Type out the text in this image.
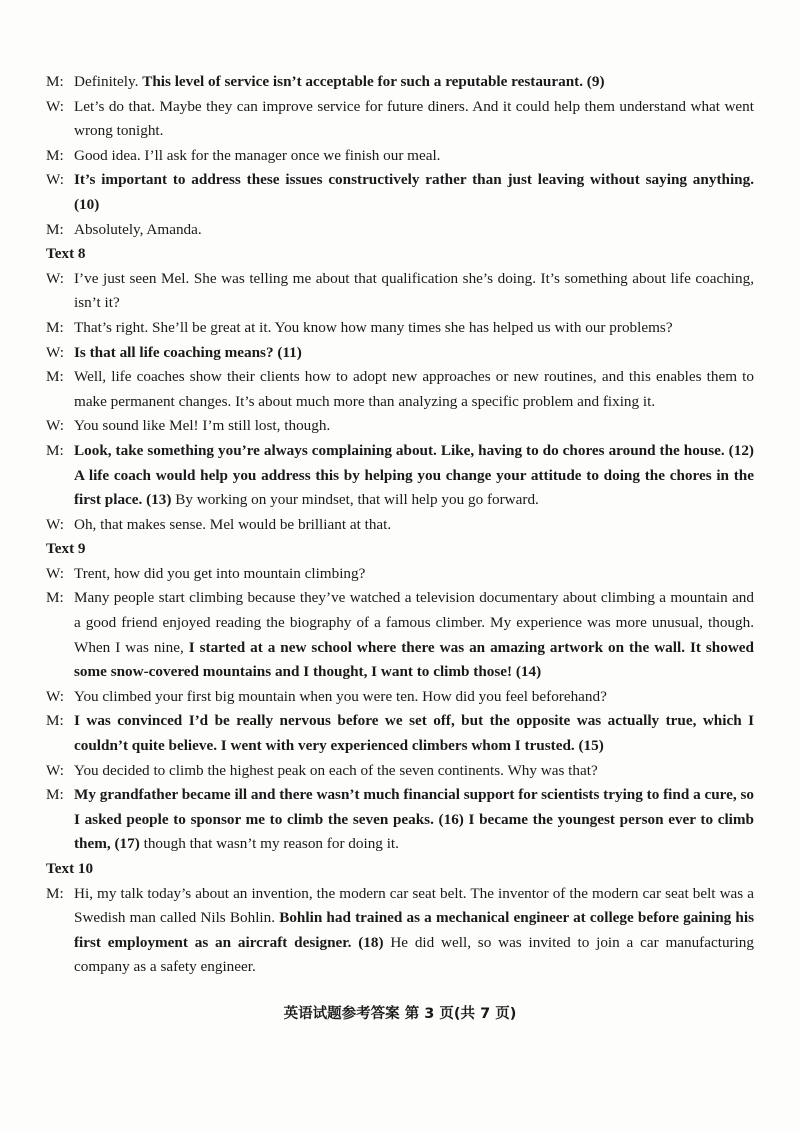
M: Definitely. This level of service isn’t acceptable for such a reputable restaurant. (9)
W: Let’s do that. Maybe they can improve service for future diners. And it could help them understand what went wrong tonight.
M: Good idea. I’ll ask for the manager once we finish our meal.
W: It’s important to address these issues constructively rather than just leaving without saying anything. (10)
M: Absolutely, Amanda.
Text 8
W: I’ve just seen Mel. She was telling me about that qualification she’s doing. It’s something about life coaching, isn’t it?
M: That’s right. She’ll be great at it. You know how many times she has helped us with our problems?
W: Is that all life coaching means? (11)
M: Well, life coaches show their clients how to adopt new approaches or new routines, and this enables them to make permanent changes. It’s about much more than analyzing a specific problem and fixing it.
W: You sound like Mel! I’m still lost, though.
M: Look, take something you’re always complaining about. Like, having to do chores around the house. (12) A life coach would help you address this by helping you change your attitude to doing the chores in the first place. (13) By working on your mindset, that will help you go forward.
W: Oh, that makes sense. Mel would be brilliant at that.
Text 9
W: Trent, how did you get into mountain climbing?
M: Many people start climbing because they’ve watched a television documentary about climbing a mountain and a good friend enjoyed reading the biography of a famous climber. My experience was more unusual, though. When I was nine, I started at a new school where there was an amazing artwork on the wall. It showed some snow-covered mountains and I thought, I want to climb those! (14)
W: You climbed your first big mountain when you were ten. How did you feel beforehand?
M: I was convinced I’d be really nervous before we set off, but the opposite was actually true, which I couldn’t quite believe. I went with very experienced climbers whom I trusted. (15)
W: You decided to climb the highest peak on each of the seven continents. Why was that?
M: My grandfather became ill and there wasn’t much financial support for scientists trying to find a cure, so I asked people to sponsor me to climb the seven peaks. (16) I became the youngest person ever to climb them, (17) though that wasn’t my reason for doing it.
Text 10
M: Hi, my talk today’s about an invention, the modern car seat belt. The inventor of the modern car seat belt was a Swedish man called Nils Bohlin. Bohlin had trained as a mechanical engineer at college before gaining his first employment as an aircraft designer. (18) He did well, so was invited to join a car manufacturing company as a safety engineer.
英语试题参考答案 第 3 页(共 7 页)
